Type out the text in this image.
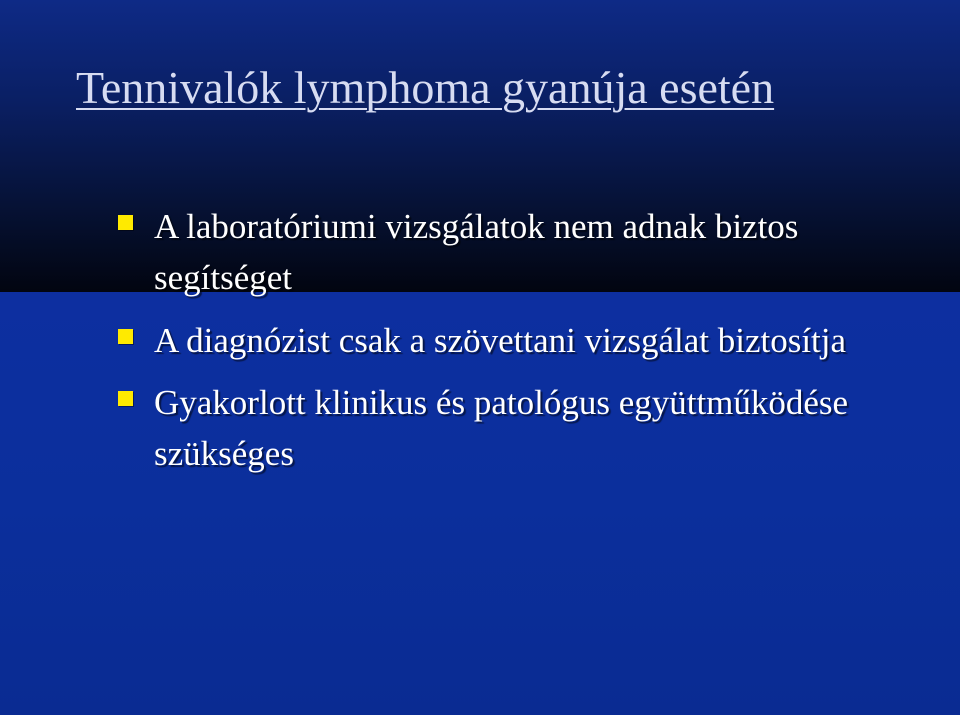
Tennivalók lymphoma gyanúja esetén
A laboratóriumi vizsgálatok nem adnak biztos segítséget
A diagnózist csak a szövettani vizsgálat biztosítja
Gyakorlott klinikus és patológus együttműködése szükséges
